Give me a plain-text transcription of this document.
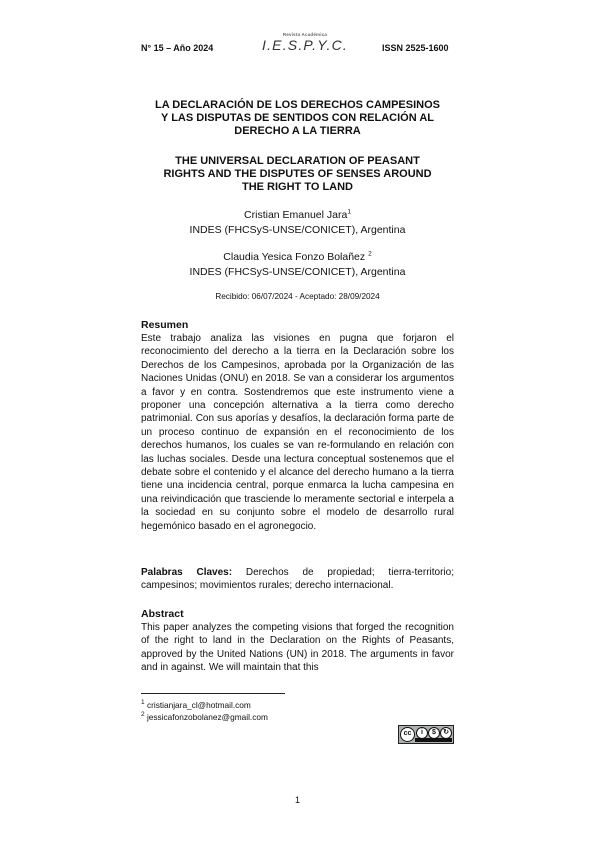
N° 15 – Año 2024
Revista Académica
I.E.S.P.Y.C.	ISSN 2525-1600
LA DECLARACIÓN DE LOS DERECHOS CAMPESINOS
Y LAS DISPUTAS DE SENTIDOS CON RELACIÓN AL
DERECHO A LA TIERRA
THE UNIVERSAL DECLARATION OF PEASANT
RIGHTS AND THE DISPUTES OF SENSES AROUND
THE RIGHT TO LAND
Cristian Emanuel Jara$^1$
INDES (FHCSyS-UNSE/CONICET), Argentina
Claudia Yesica Fonzo Bolañez $^2$
INDES (FHCSyS-UNSE/CONICET), Argentina
Recibido: 06/07/2024 - Aceptado: 28/09/2024
Resumen
Este trabajo analiza las visiones en pugna que forjaron el reconocimiento del derecho a la tierra en la Declaración sobre los Derechos de los Campesinos, aprobada por la Organización de las Naciones Unidas (ONU) en 2018. Se van a considerar los argumentos a favor y en contra. Sostendremos que este instrumento viene a proponer una concepción alternativa a la tierra como derecho patrimonial. Con sus aporías y desafíos, la declaración forma parte de un proceso continuo de expansión en el reconocimiento de los derechos humanos, los cuales se van re-formulando en relación con las luchas sociales. Desde una lectura conceptual sostenemos que el debate sobre el contenido y el alcance del derecho humano a la tierra tiene una incidencia central, porque enmarca la lucha campesina en una reivindicación que trasciende lo meramente sectorial e interpela a la sociedad en su conjunto sobre el modelo de desarrollo rural hegemónico basado en el agronegocio.
Palabras Claves: Derechos de propiedad; tierra-territorio; campesinos; movimientos rurales; derecho internacional.
Abstract
This paper analyzes the competing visions that forged the recognition of the right to land in the Declaration on the Rights of Peasants, approved by the United Nations (UN) in 2018. The arguments in favor and in against. We will maintain that this
$^1$ cristianjara_cl@hotmail.com
$^2$ jessicafonzobolanez@gmail.com
cc	i	$	↻
1
